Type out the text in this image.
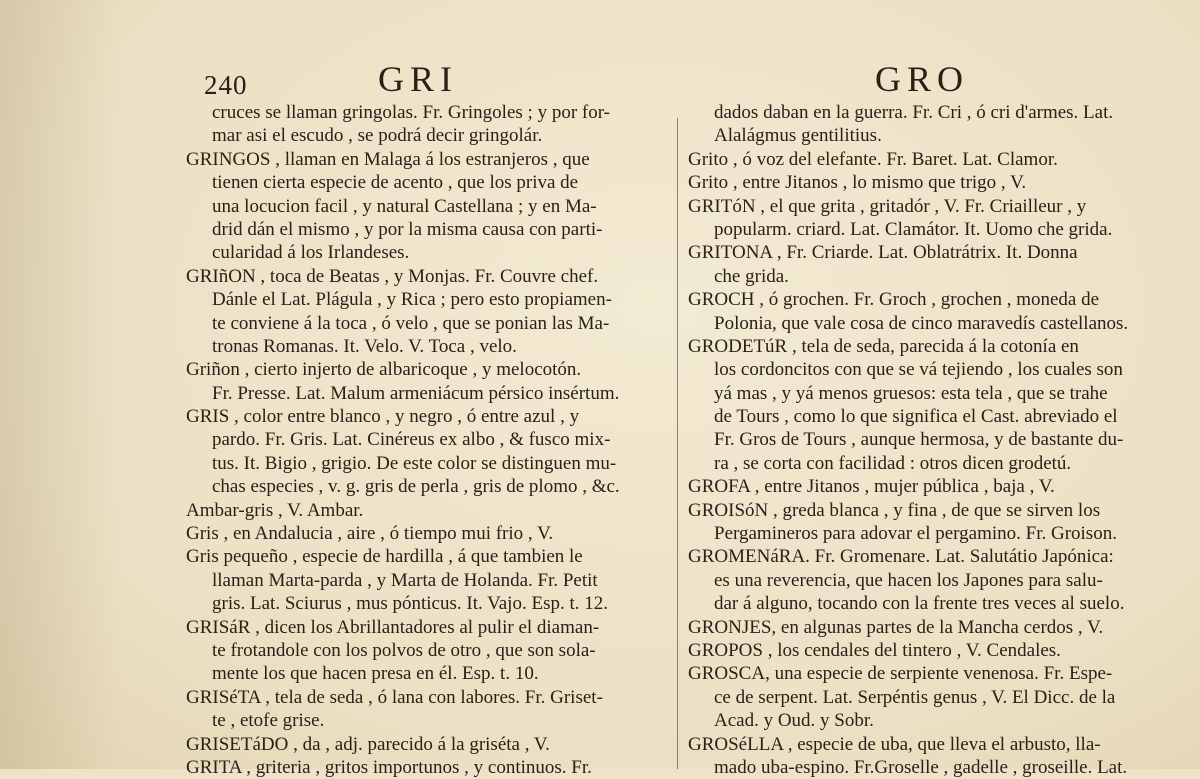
240	GRI	GRO
cruces se llaman gringolas. Fr. Gringoles ; y por for-
mar asi el escudo , se podrá decir gringolár.
GRINGOS , llaman en Malaga á los estranjeros , que
tienen cierta especie de acento , que los priva de
una locucion facil , y natural Castellana ; y en Ma-
drid dán el mismo , y por la misma causa con parti-
cularidad á los Irlandeses.
GRIñON , toca de Beatas , y Monjas. Fr. Couvre chef.
Dánle el Lat. Plágula , y Rica ; pero esto propiamen-
te conviene á la toca , ó velo , que se ponian las Ma-
tronas Romanas. It. Velo. V. Toca , velo.
Griñon , cierto injerto de albaricoque , y melocotón.
Fr. Presse. Lat. Malum armeniácum pérsico insértum.
GRIS , color entre blanco , y negro , ó entre azul , y
pardo. Fr. Gris. Lat. Cinéreus ex albo , & fusco mix-
tus. It. Bigio , grigio. De este color se distinguen mu-
chas especies , v. g. gris de perla , gris de plomo , &c.
Ambar-gris , V. Ambar.
Gris , en Andalucia , aire , ó tiempo mui frio , V.
Gris pequeño , especie de hardilla , á que tambien le
llaman Marta-parda , y Marta de Holanda. Fr. Petit
gris. Lat. Sciurus , mus pónticus. It. Vajo. Esp. t. 12.
GRISáR , dicen los Abrillantadores al pulir el diaman-
te frotandole con los polvos de otro , que son sola-
mente los que hacen presa en él. Esp. t. 10.
GRISéTA , tela de seda , ó lana con labores. Fr. Griset-
te , etofe grise.
GRISETáDO , da , adj. parecido á la griséta , V.
GRITA , griteria , gritos importunos , y continuos. Fr.
dados daban en la guerra. Fr. Cri , ó cri d'armes. Lat.
Alalágmus gentilitius.
Grito , ó voz del elefante. Fr. Baret. Lat. Clamor.
Grito , entre Jitanos , lo mismo que trigo , V.
GRITóN , el que grita , gritadór , V. Fr. Criailleur , y
popularm. criard. Lat. Clamátor. It. Uomo che grida.
GRITONA , Fr. Criarde. Lat. Oblatrátrix. It. Donna
che grida.
GROCH , ó grochen. Fr. Groch , grochen , moneda de
Polonia, que vale cosa de cinco maravedís castellanos.
GRODETúR , tela de seda, parecida á la cotonía en
los cordoncitos con que se vá tejiendo , los cuales son
yá mas , y yá menos gruesos: esta tela , que se trahe
de Tours , como lo que significa el Cast. abreviado el
Fr. Gros de Tours , aunque hermosa, y de bastante du-
ra , se corta con facilidad : otros dicen grodetú.
GROFA , entre Jitanos , mujer pública , baja , V.
GROISóN , greda blanca , y fina , de que se sirven los
Pergamineros para adovar el pergamino. Fr. Groison.
GROMENáRA. Fr. Gromenare. Lat. Salutátio Japónica:
es una reverencia, que hacen los Japones para salu-
dar á alguno, tocando con la frente tres veces al suelo.
GRONJES, en algunas partes de la Mancha cerdos , V.
GROPOS , los cendales del tintero , V. Cendales.
GROSCA, una especie de serpiente venenosa. Fr. Espe-
ce de serpent. Lat. Serpéntis genus , V. El Dicc. de la
Acad. y Oud. y Sobr.
GROSéLLA , especie de uba, que lleva el arbusto, lla-
mado uba-espino. Fr.Groselle , gadelle , groseille. Lat.
